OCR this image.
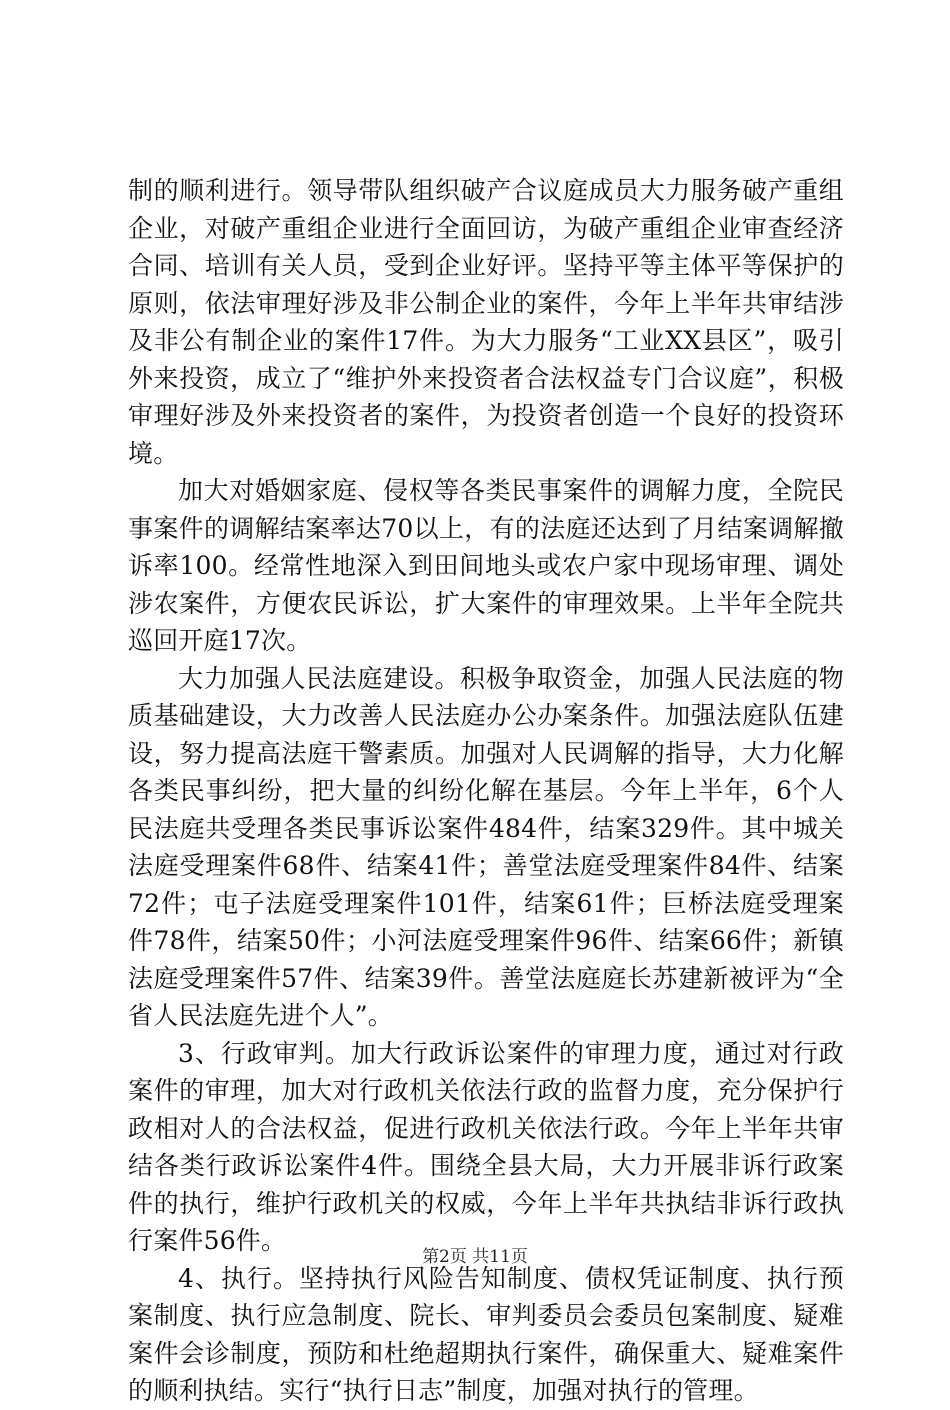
制的顺利进行。领导带队组织破产合议庭成员大力服务破产重组企业，对破产重组企业进行全面回访，为破产重组企业审查经济合同、培训有关人员，受到企业好评。坚持平等主体平等保护的原则，依法审理好涉及非公制企业的案件，今年上半年共审结涉及非公有制企业的案件17件。为大力服务“工业XX县区”，吸引外来投资，成立了“维护外来投资者合法权益专门合议庭”，积极审理好涉及外来投资者的案件，为投资者创造一个良好的投资环境。

加大对婚姻家庭、侵权等各类民事案件的调解力度，全院民事案件的调解结案率达70以上，有的法庭还达到了月结案调解撤诉率100。经常性地深入到田间地头或农户家中现场审理、调处涉农案件，方便农民诉讼，扩大案件的审理效果。上半年全院共巡回开庭17次。

大力加强人民法庭建设。积极争取资金，加强人民法庭的物质基础建设，大力改善人民法庭办公办案条件。加强法庭队伍建设，努力提高法庭干警素质。加强对人民调解的指导，大力化解各类民事纠纷，把大量的纠纷化解在基层。今年上半年，6个人民法庭共受理各类民事诉讼案件484件，结案329件。其中城关法庭受理案件68件、结案41件；善堂法庭受理案件84件、结案72件；屯子法庭受理案件101件，结案61件；巨桥法庭受理案件78件，结案50件；小河法庭受理案件96件、结案66件；新镇法庭受理案件57件、结案39件。善堂法庭庭长苏建新被评为“全省人民法庭先进个人”。

3、行政审判。加大行政诉讼案件的审理力度，通过对行政案件的审理，加大对行政机关依法行政的监督力度，充分保护行政相对人的合法权益，促进行政机关依法行政。今年上半年共审结各类行政诉讼案件4件。围绕全县大局，大力开展非诉行政案件的执行，维护行政机关的权威，今年上半年共执结非诉行政执行案件56件。

4、执行。坚持执行风险告知制度、债权凭证制度、执行预案制度、执行应急制度、院长、审判委员会委员包案制度、疑难案件会诊制度，预防和杜绝超期执行案件，确保重大、疑难案件的顺利执结。实行“执行日志”制度，加强对执行的管理。

第2页 共11页
